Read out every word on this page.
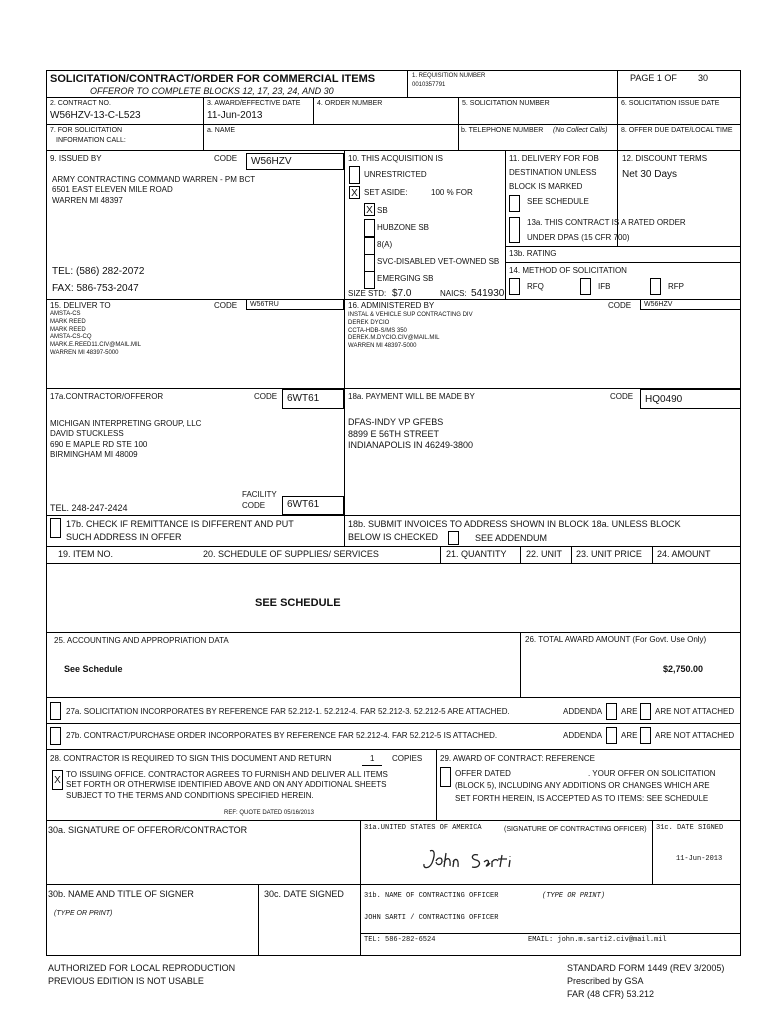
SOLICITATION/CONTRACT/ORDER FOR COMMERCIAL ITEMS
OFFEROR TO COMPLETE BLOCKS 12, 17, 23, 24, AND 30
1. REQUISITION NUMBER
0010357791
PAGE 1 OF 30
2. CONTRACT NO.
W56HZV-13-C-L523
3. AWARD/EFFECTIVE DATE
11-Jun-2013
4. ORDER NUMBER	5. SOLICITATION NUMBER	6. SOLICITATION ISSUE DATE
7. FOR SOLICITATION
INFORMATION CALL:
a. NAME	b. TELEPHONE NUMBER (No Collect Calls) 8. OFFER DUE DATE/LOCAL TIME
9. ISSUED BY	CODE W56HZV
ARMY CONTRACTING COMMAND WARREN - PM BCT
6501 EAST ELEVEN MILE ROAD
WARREN MI 48397
TEL: (586) 282-2072
FAX: 586-753-2047
10. THIS ACQUISITION IS
UNRESTRICTED
X SET ASIDE:	100 % FOR
X SB
HUBZONE SB
8(A)
SVC-DISABLED VET-OWNED SB
EMERGING SB
SIZE STD: $7.0	NAICS: 541930
11. DELIVERY FOR FOB
DESTINATION UNLESS
BLOCK IS MARKED
SEE SCHEDULE
12. DISCOUNT TERMS
Net 30 Days
13a. THIS CONTRACT IS A RATED ORDER
UNDER DPAS (15 CFR 700)
13b. RATING
14. METHOD OF SOLICITATION
RFQ	IFB	RFP
15. DELIVER TO	CODE W56TRU
AMSTA-CS
MARK REED
MARK REED
AMSTA-CS-CQ
MARK.E.REED11.CIV@MAIL.MIL
WARREN MI 48397-5000
16. ADMINISTERED BY	CODE W56HZV
INSTAL & VEHICLE SUP CONTRACTING DIV
DEREK DYCIO
CCTA-HDB-S/MS 350
DEREK.M.DYCIO.CIV@MAIL.MIL
WARREN MI 48397-5000
17a.CONTRACTOR/OFFEROR	CODE 6WT61
MICHIGAN INTERPRETING GROUP, LLC
DAVID STUCKLESS
690 E MAPLE RD STE 100
BIRMINGHAM MI 48009
TEL. 248-247-2424
FACILITY
CODE 6WT61
18a. PAYMENT WILL BE MADE BY	CODE HQ0490
DFAS-INDY VP GFEBS
8899 E 56TH STREET
INDIANAPOLIS IN 46249-3800
17b. CHECK IF REMITTANCE IS DIFFERENT AND PUT
SUCH ADDRESS IN OFFER
18b. SUBMIT INVOICES TO ADDRESS SHOWN IN BLOCK 18a. UNLESS BLOCK
BELOW IS CHECKED	SEE ADDENDUM
19. ITEM NO.	20. SCHEDULE OF SUPPLIES/ SERVICES	21. QUANTITY 22. UNIT 23. UNIT PRICE 24. AMOUNT
SEE SCHEDULE
25. ACCOUNTING AND APPROPRIATION DATA
See Schedule
26. TOTAL AWARD AMOUNT (For Govt. Use Only)
$2,750.00
27a. SOLICITATION INCORPORATES BY REFERENCE FAR 52.212-1. 52.212-4. FAR 52.212-3. 52.212-5 ARE ATTACHED.	ADDENDA ARE ARE NOT ATTACHED
27b. CONTRACT/PURCHASE ORDER INCORPORATES BY REFERENCE FAR 52.212-4. FAR 52.212-5 IS ATTACHED.	ADDENDA ARE ARE NOT ATTACHED
28. CONTRACTOR IS REQUIRED TO SIGN THIS DOCUMENT AND RETURN	1 COPIES
X
TO ISSUING OFFICE. CONTRACTOR AGREES TO FURNISH AND DELIVER ALL ITEMS
SET FORTH OR OTHERWISE IDENTIFIED ABOVE AND ON ANY ADDITIONAL SHEETS
SUBJECT TO THE TERMS AND CONDITIONS SPECIFIED HEREIN.
REF: QUOTE DATED 05/16/2013
29. AWARD OF CONTRACT: REFERENCE
OFFER DATED	. YOUR OFFER ON SOLICITATION
(BLOCK 5), INCLUDING ANY ADDITIONS OR CHANGES WHICH ARE
SET FORTH HEREIN, IS ACCEPTED AS TO ITEMS: SEE SCHEDULE
30a. SIGNATURE OF OFFEROR/CONTRACTOR	31a.UNITED STATES OF AMERICA	(SIGNATURE OF CONTRACTING OFFICER) 31c. DATE SIGNED
11-Jun-2013
30b. NAME AND TITLE OF SIGNER
(TYPE OR PRINT)
30c. DATE SIGNED	31b. NAME OF CONTRACTING OFFICER	(TYPE OR PRINT)
JOHN SARTI / CONTRACTING OFFICER
TEL: 586-282-6524	EMAIL: john.m.sarti2.civ@mail.mil
AUTHORIZED FOR LOCAL REPRODUCTION
PREVIOUS EDITION IS NOT USABLE
STANDARD FORM 1449 (REV 3/2005)
Prescribed by GSA
FAR (48 CFR) 53.212
